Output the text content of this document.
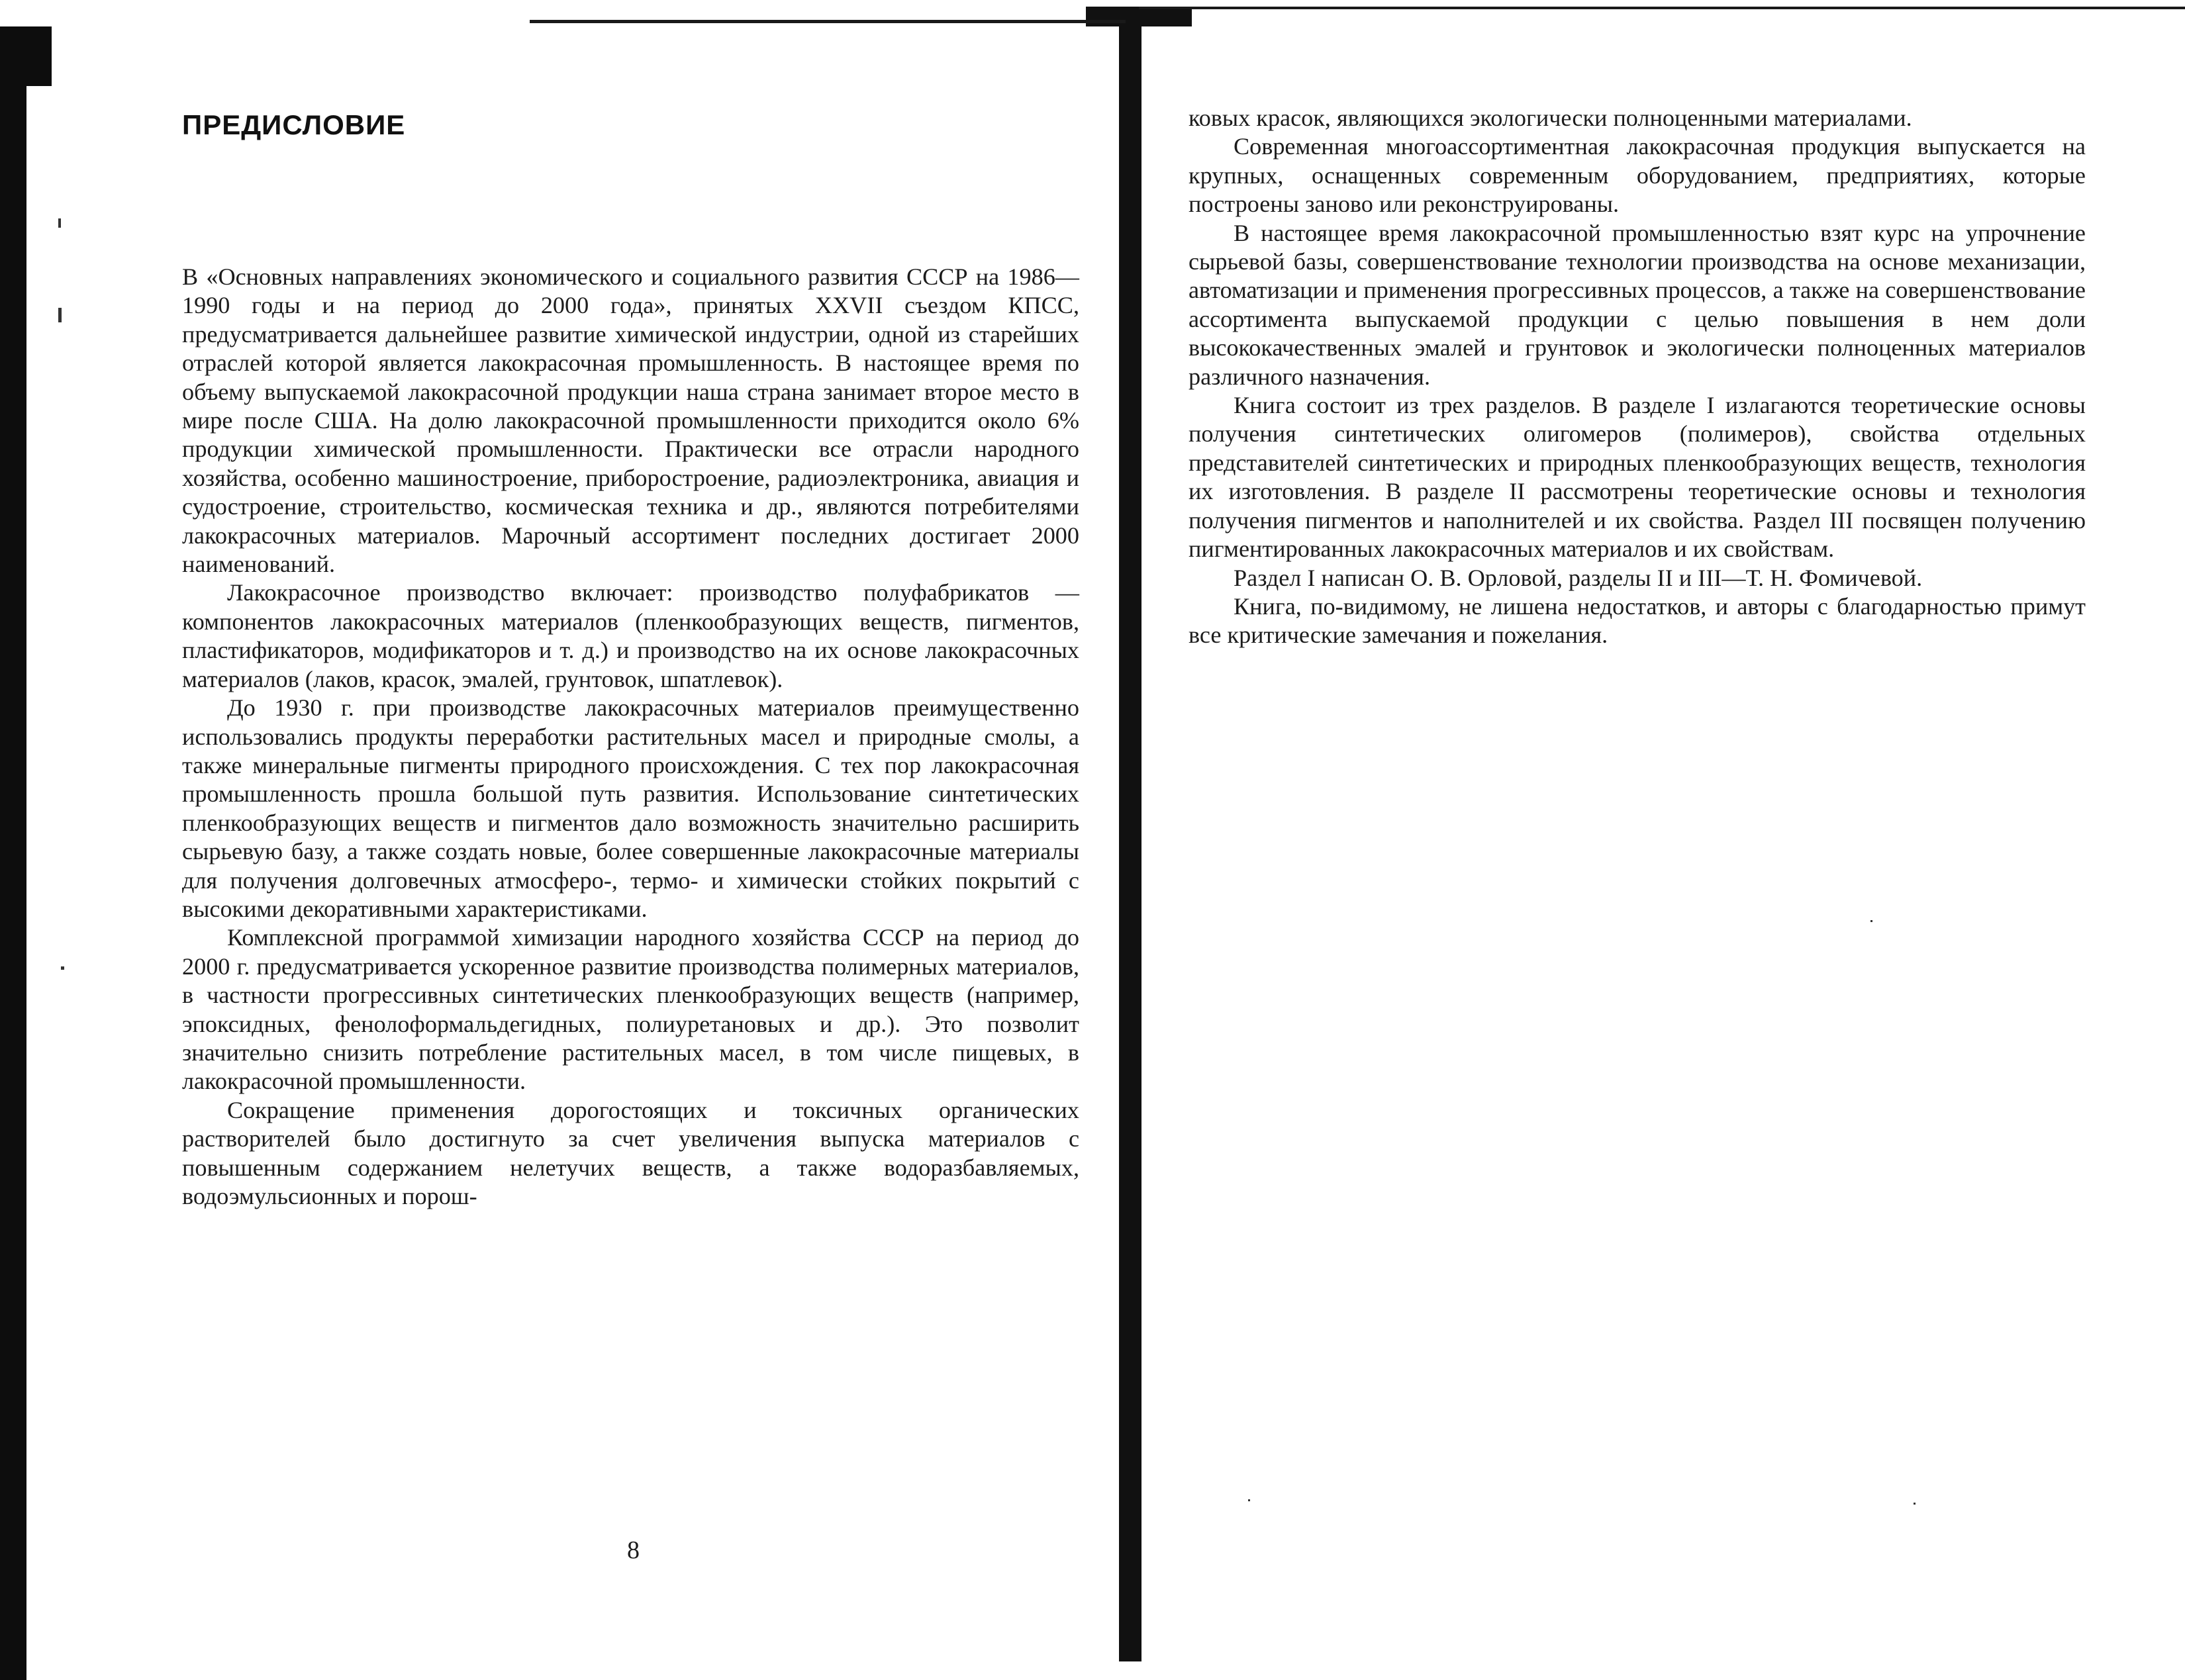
ПРЕДИСЛОВИЕ

В «Основных направлениях экономического и социального развития СССР на 1986—1990 годы и на период до 2000 года», принятых XXVII съездом КПСС, предусматривается дальнейшее развитие химической индустрии, одной из старейших отраслей которой является лакокрасочная промышленность. В настоящее время по объему выпускаемой лакокрасочной продукции наша страна занимает второе место в мире после США. На долю лакокрасочной промышленности приходится около 6% продукции химической промышленности. Практически все отрасли народного хозяйства, особенно машиностроение, приборостроение, радиоэлектроника, авиация и судостроение, строительство, космическая техника и др., являются потребителями лакокрасочных материалов. Марочный ассортимент последних достигает 2000 наименований.

Лакокрасочное производство включает: производство полуфабрикатов — компонентов лакокрасочных материалов (пленкообразующих веществ, пигментов, пластификаторов, модификаторов и т. д.) и производство на их основе лакокрасочных материалов (лаков, красок, эмалей, грунтовок, шпатлевок).

До 1930 г. при производстве лакокрасочных материалов преимущественно использовались продукты переработки растительных масел и природные смолы, а также минеральные пигменты природного происхождения. С тех пор лакокрасочная промышленность прошла большой путь развития. Использование синтетических пленкообразующих веществ и пигментов дало возможность значительно расширить сырьевую базу, а также создать новые, более совершенные лакокрасочные материалы для получения долговечных атмосферо-, термо- и химически стойких покрытий с высокими декоративными характеристиками.

Комплексной программой химизации народного хозяйства СССР на период до 2000 г. предусматривается ускоренное развитие производства полимерных материалов, в частности прогрессивных синтетических пленкообразующих веществ (например, эпоксидных, фенолоформальдегидных, полиуретановых и др.). Это позволит значительно снизить потребление растительных масел, в том числе пищевых, в лакокрасочной промышленности.

Сокращение применения дорогостоящих и токсичных органических растворителей было достигнуто за счет увеличения выпуска материалов с повышенным содержанием нелетучих веществ, а также водоразбавляемых, водоэмульсионных и порош-

8

ковых красок, являющихся экологически полноценными материалами.

Современная многоассортиментная лакокрасочная продукция выпускается на крупных, оснащенных современным оборудованием, предприятиях, которые построены заново или реконструированы.

В настоящее время лакокрасочной промышленностью взят курс на упрочнение сырьевой базы, совершенствование технологии производства на основе механизации, автоматизации и применения прогрессивных процессов, а также на совершенствование ассортимента выпускаемой продукции с целью повышения в нем доли высококачественных эмалей и грунтовок и экологически полноценных материалов различного назначения.

Книга состоит из трех разделов. В разделе I излагаются теоретические основы получения синтетических олигомеров (полимеров), свойства отдельных представителей синтетических и природных пленкообразующих веществ, технология их изготовления. В разделе II рассмотрены теоретические основы и технология получения пигментов и наполнителей и их свойства. Раздел III посвящен получению пигментированных лакокрасочных материалов и их свойствам.

Раздел I написан О. В. Орловой, разделы II и III—Т. Н. Фомичевой.

Книга, по-видимому, не лишена недостатков, и авторы с благодарностью примут все критические замечания и пожелания.
